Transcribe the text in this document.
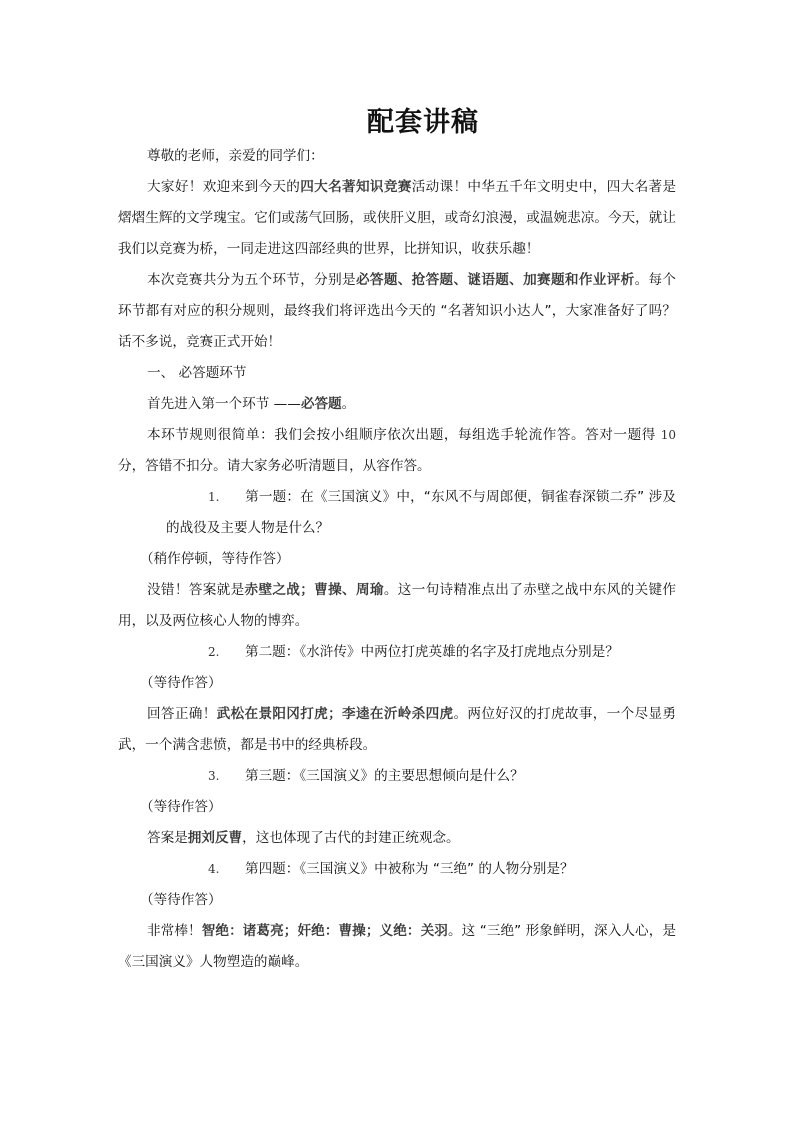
配套讲稿

尊敬的老师，亲爱的同学们：

大家好！欢迎来到今天的四大名著知识竞赛活动课！中华五千年文明史中，四大名著是熠熠生辉的文学瑰宝。它们或荡气回肠，或侠肝义胆，或奇幻浪漫，或温婉悲凉。今天，就让我们以竞赛为桥，一同走进这四部经典的世界，比拼知识，收获乐趣！

本次竞赛共分为五个环节，分别是必答题、抢答题、谜语题、加赛题和作业评析。每个环节都有对应的积分规则，最终我们将评选出今天的 “名著知识小达人”，大家准备好了吗？话不多说，竞赛正式开始！

一、 必答题环节

首先进入第一个环节 ——必答题。

本环节规则很简单：我们会按小组顺序依次出题，每组选手轮流作答。答对一题得 10 分，答错不扣分。请大家务必听清题目，从容作答。

1. 第一题：在《三国演义》中，“东风不与周郎便，铜雀春深锁二乔” 涉及的战役及主要人物是什么？

（稍作停顿，等待作答）

没错！答案就是赤壁之战；曹操、周瑜。这一句诗精准点出了赤壁之战中东风的关键作用，以及两位核心人物的博弈。

2. 第二题：《水浒传》中两位打虎英雄的名字及打虎地点分别是？

（等待作答）

回答正确！武松在景阳冈打虎；李逵在沂岭杀四虎。两位好汉的打虎故事，一个尽显勇武，一个满含悲愤，都是书中的经典桥段。

3. 第三题：《三国演义》的主要思想倾向是什么？

（等待作答）

答案是拥刘反曹，这也体现了古代的封建正统观念。

4. 第四题：《三国演义》中被称为 “三绝” 的人物分别是？

（等待作答）

非常棒！智绝：诸葛亮；奸绝：曹操；义绝：关羽。这 “三绝” 形象鲜明，深入人心，是《三国演义》人物塑造的巅峰。
